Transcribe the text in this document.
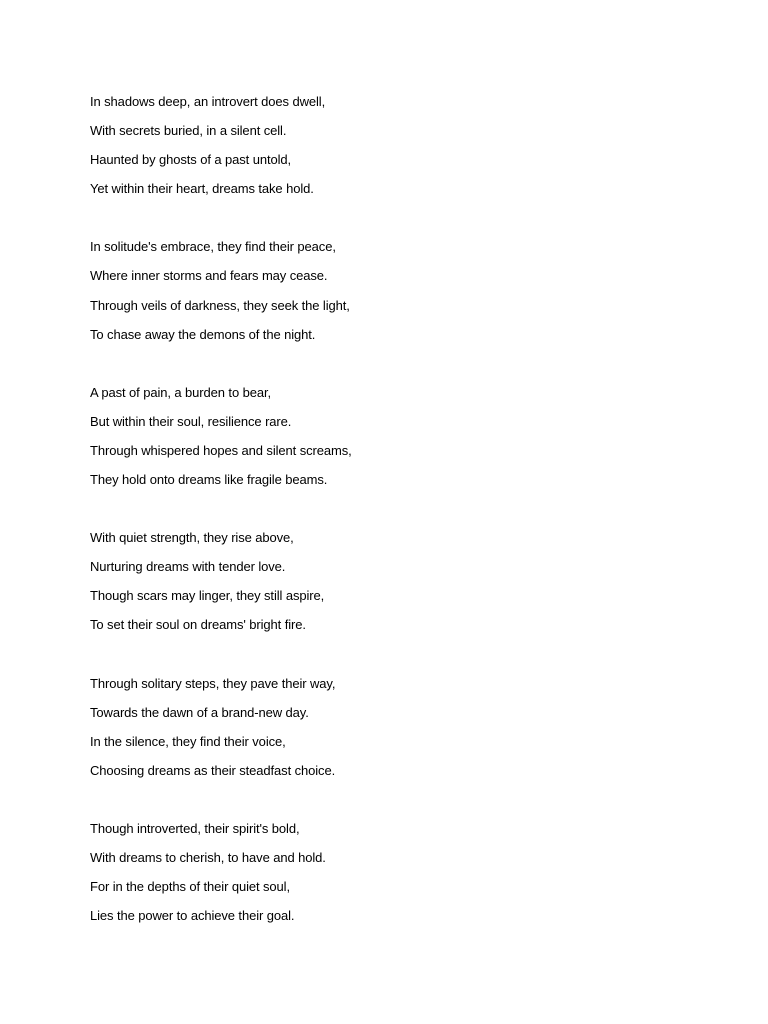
In shadows deep, an introvert does dwell,
With secrets buried, in a silent cell.
Haunted by ghosts of a past untold,
Yet within their heart, dreams take hold.
In solitude's embrace, they find their peace,
Where inner storms and fears may cease.
Through veils of darkness, they seek the light,
To chase away the demons of the night.
A past of pain, a burden to bear,
But within their soul, resilience rare.
Through whispered hopes and silent screams,
They hold onto dreams like fragile beams.
With quiet strength, they rise above,
Nurturing dreams with tender love.
Though scars may linger, they still aspire,
To set their soul on dreams' bright fire.
Through solitary steps, they pave their way,
Towards the dawn of a brand-new day.
In the silence, they find their voice,
Choosing dreams as their steadfast choice.
Though introverted, their spirit's bold,
With dreams to cherish, to have and hold.
For in the depths of their quiet soul,
Lies the power to achieve their goal.
